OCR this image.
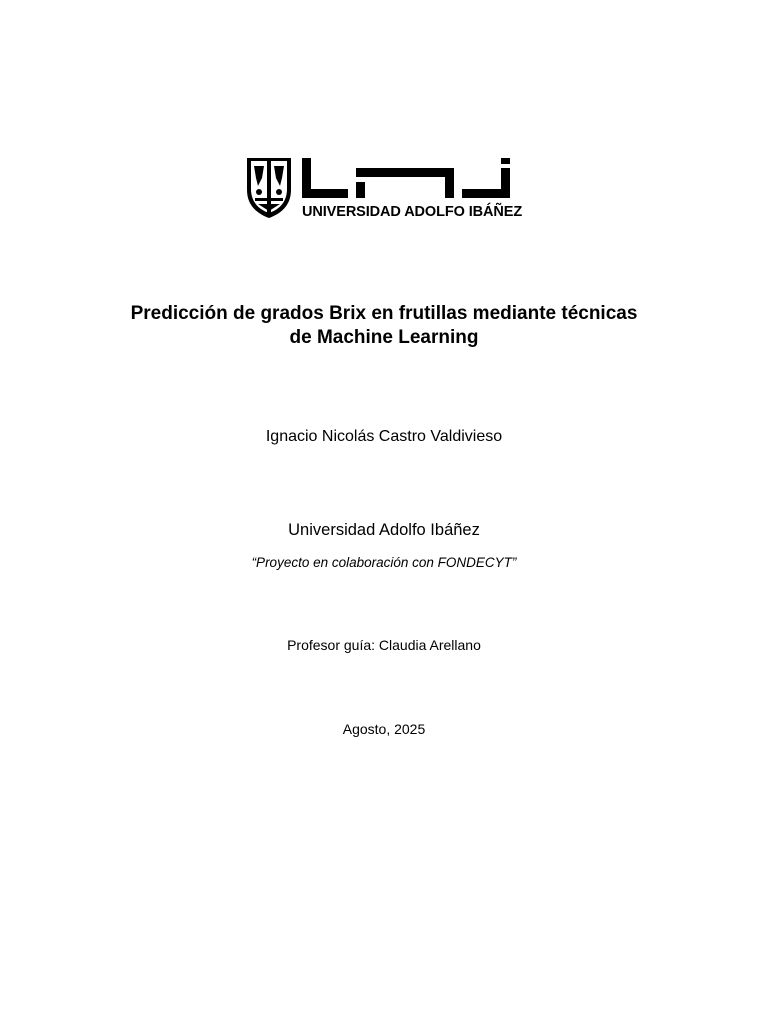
UNIVERSIDAD ADOLFO IBÁÑEZ
Predicción de grados Brix en frutillas mediante técnicas
de Machine Learning
Ignacio Nicolás Castro Valdivieso
Universidad Adolfo Ibáñez
“Proyecto en colaboración con FONDECYT”
Profesor guía: Claudia Arellano
Agosto, 2025
